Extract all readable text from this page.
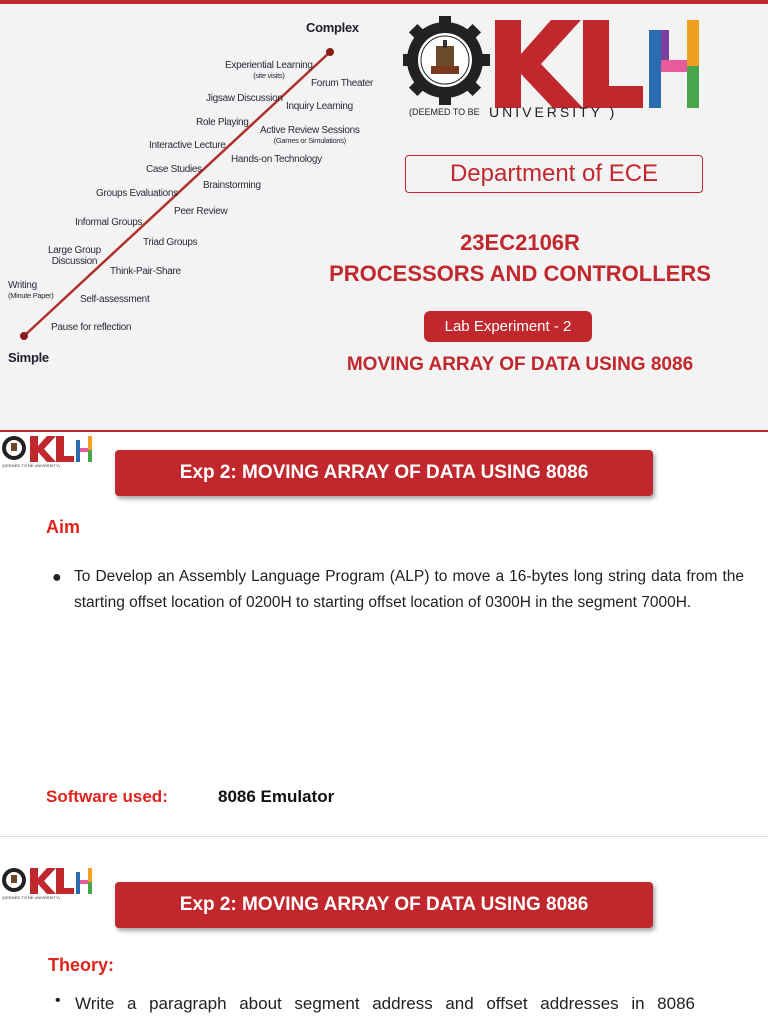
Complex
Simple
Experiential Learning
(site visits)
Forum Theater
Jigsaw Discussion
Inquiry Learning
Role Playing
Active Review Sessions
(Games or Simulations)
Interactive Lecture
Hands-on Technology
Case Studies
Brainstorming
Groups Evaluations
Peer Review
Informal Groups
Triad Groups
Large Group
Discussion
Think-Pair-Share
Writing
(Minute Paper)	Self-assessment
Pause for reflection
(DEEMED TO BE UNIVERSITY )
Department of ECE
23EC2106R
PROCESSORS AND CONTROLLERS
Lab Experiment - 2
MOVING ARRAY OF DATA USING 8086
(DEEMED TO BE UNIVERSITY)	Exp 2: MOVING ARRAY OF DATA USING 8086
Aim
● To Develop an Assembly Language Program (ALP) to move a 16-bytes long string data from the starting offset location of 0200H to starting offset location of 0300H in the segment 7000H.
Software used:	8086 Emulator
(DEEMED TO BE UNIVERSITY)	Exp 2: MOVING ARRAY OF DATA USING 8086
Theory:
• Write a paragraph about segment address and offset addresses in 8086
